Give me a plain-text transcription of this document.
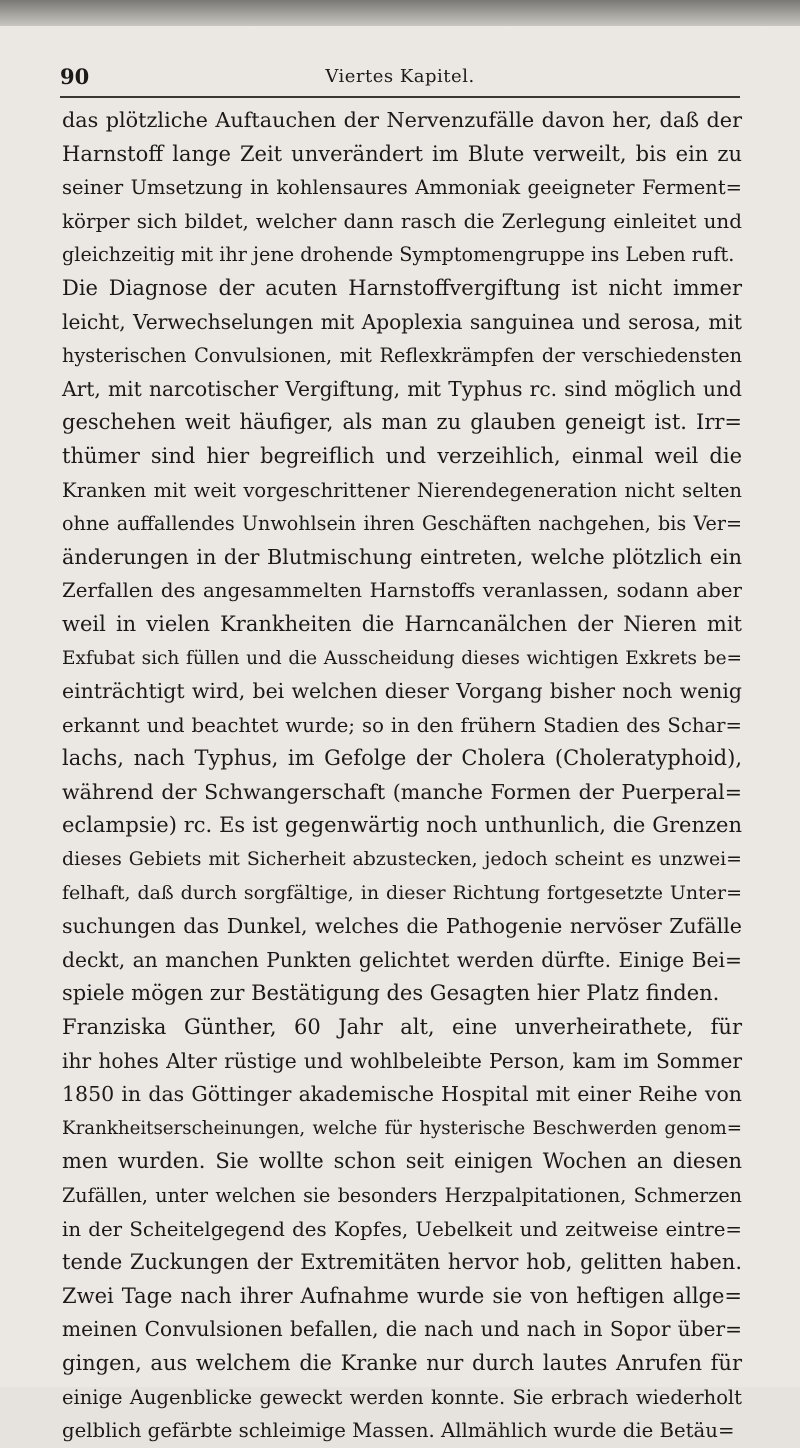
90	Viertes Kapitel.
das plötzliche Auftauchen der Nervenzufälle davon her, daß der
Harnstoff lange Zeit unverändert im Blute verweilt, bis ein zu
seiner Umsetzung in kohlensaures Ammoniak geeigneter Ferment=
körper sich bildet, welcher dann rasch die Zerlegung einleitet und
gleichzeitig mit ihr jene drohende Symptomengruppe ins Leben ruft.
Die Diagnose der acuten Harnstoffvergiftung ist nicht immer
leicht, Verwechselungen mit Apoplexia sanguinea und serosa, mit
hysterischen Convulsionen, mit Reflexkrämpfen der verschiedensten
Art, mit narcotischer Vergiftung, mit Typhus rc. sind möglich und
geschehen weit häufiger, als man zu glauben geneigt ist. Irr=
thümer sind hier begreiflich und verzeihlich, einmal weil die
Kranken mit weit vorgeschrittener Nierendegeneration nicht selten
ohne auffallendes Unwohlsein ihren Geschäften nachgehen, bis Ver=
änderungen in der Blutmischung eintreten, welche plötzlich ein
Zerfallen des angesammelten Harnstoffs veranlassen, sodann aber
weil in vielen Krankheiten die Harncanälchen der Nieren mit
Exfubat sich füllen und die Ausscheidung dieses wichtigen Exkrets be=
einträchtigt wird, bei welchen dieser Vorgang bisher noch wenig
erkannt und beachtet wurde; so in den frühern Stadien des Schar=
lachs, nach Typhus, im Gefolge der Cholera (Choleratyphoid),
während der Schwangerschaft (manche Formen der Puerperal=
eclampsie) rc. Es ist gegenwärtig noch unthunlich, die Grenzen
dieses Gebiets mit Sicherheit abzustecken, jedoch scheint es unzwei=
felhaft, daß durch sorgfältige, in dieser Richtung fortgesetzte Unter=
suchungen das Dunkel, welches die Pathogenie nervöser Zufälle
deckt, an manchen Punkten gelichtet werden dürfte. Einige Bei=
spiele mögen zur Bestätigung des Gesagten hier Platz finden.
Franziska Günther, 60 Jahr alt, eine unverheirathete, für
ihr hohes Alter rüstige und wohlbeleibte Person, kam im Sommer
1850 in das Göttinger akademische Hospital mit einer Reihe von
Krankheitserscheinungen, welche für hysterische Beschwerden genom=
men wurden. Sie wollte schon seit einigen Wochen an diesen
Zufällen, unter welchen sie besonders Herzpalpitationen, Schmerzen
in der Scheitelgegend des Kopfes, Uebelkeit und zeitweise eintre=
tende Zuckungen der Extremitäten hervor hob, gelitten haben.
Zwei Tage nach ihrer Aufnahme wurde sie von heftigen allge=
meinen Convulsionen befallen, die nach und nach in Sopor über=
gingen, aus welchem die Kranke nur durch lautes Anrufen für
einige Augenblicke geweckt werden konnte. Sie erbrach wiederholt
gelblich gefärbte schleimige Massen. Allmählich wurde die Betäu=
